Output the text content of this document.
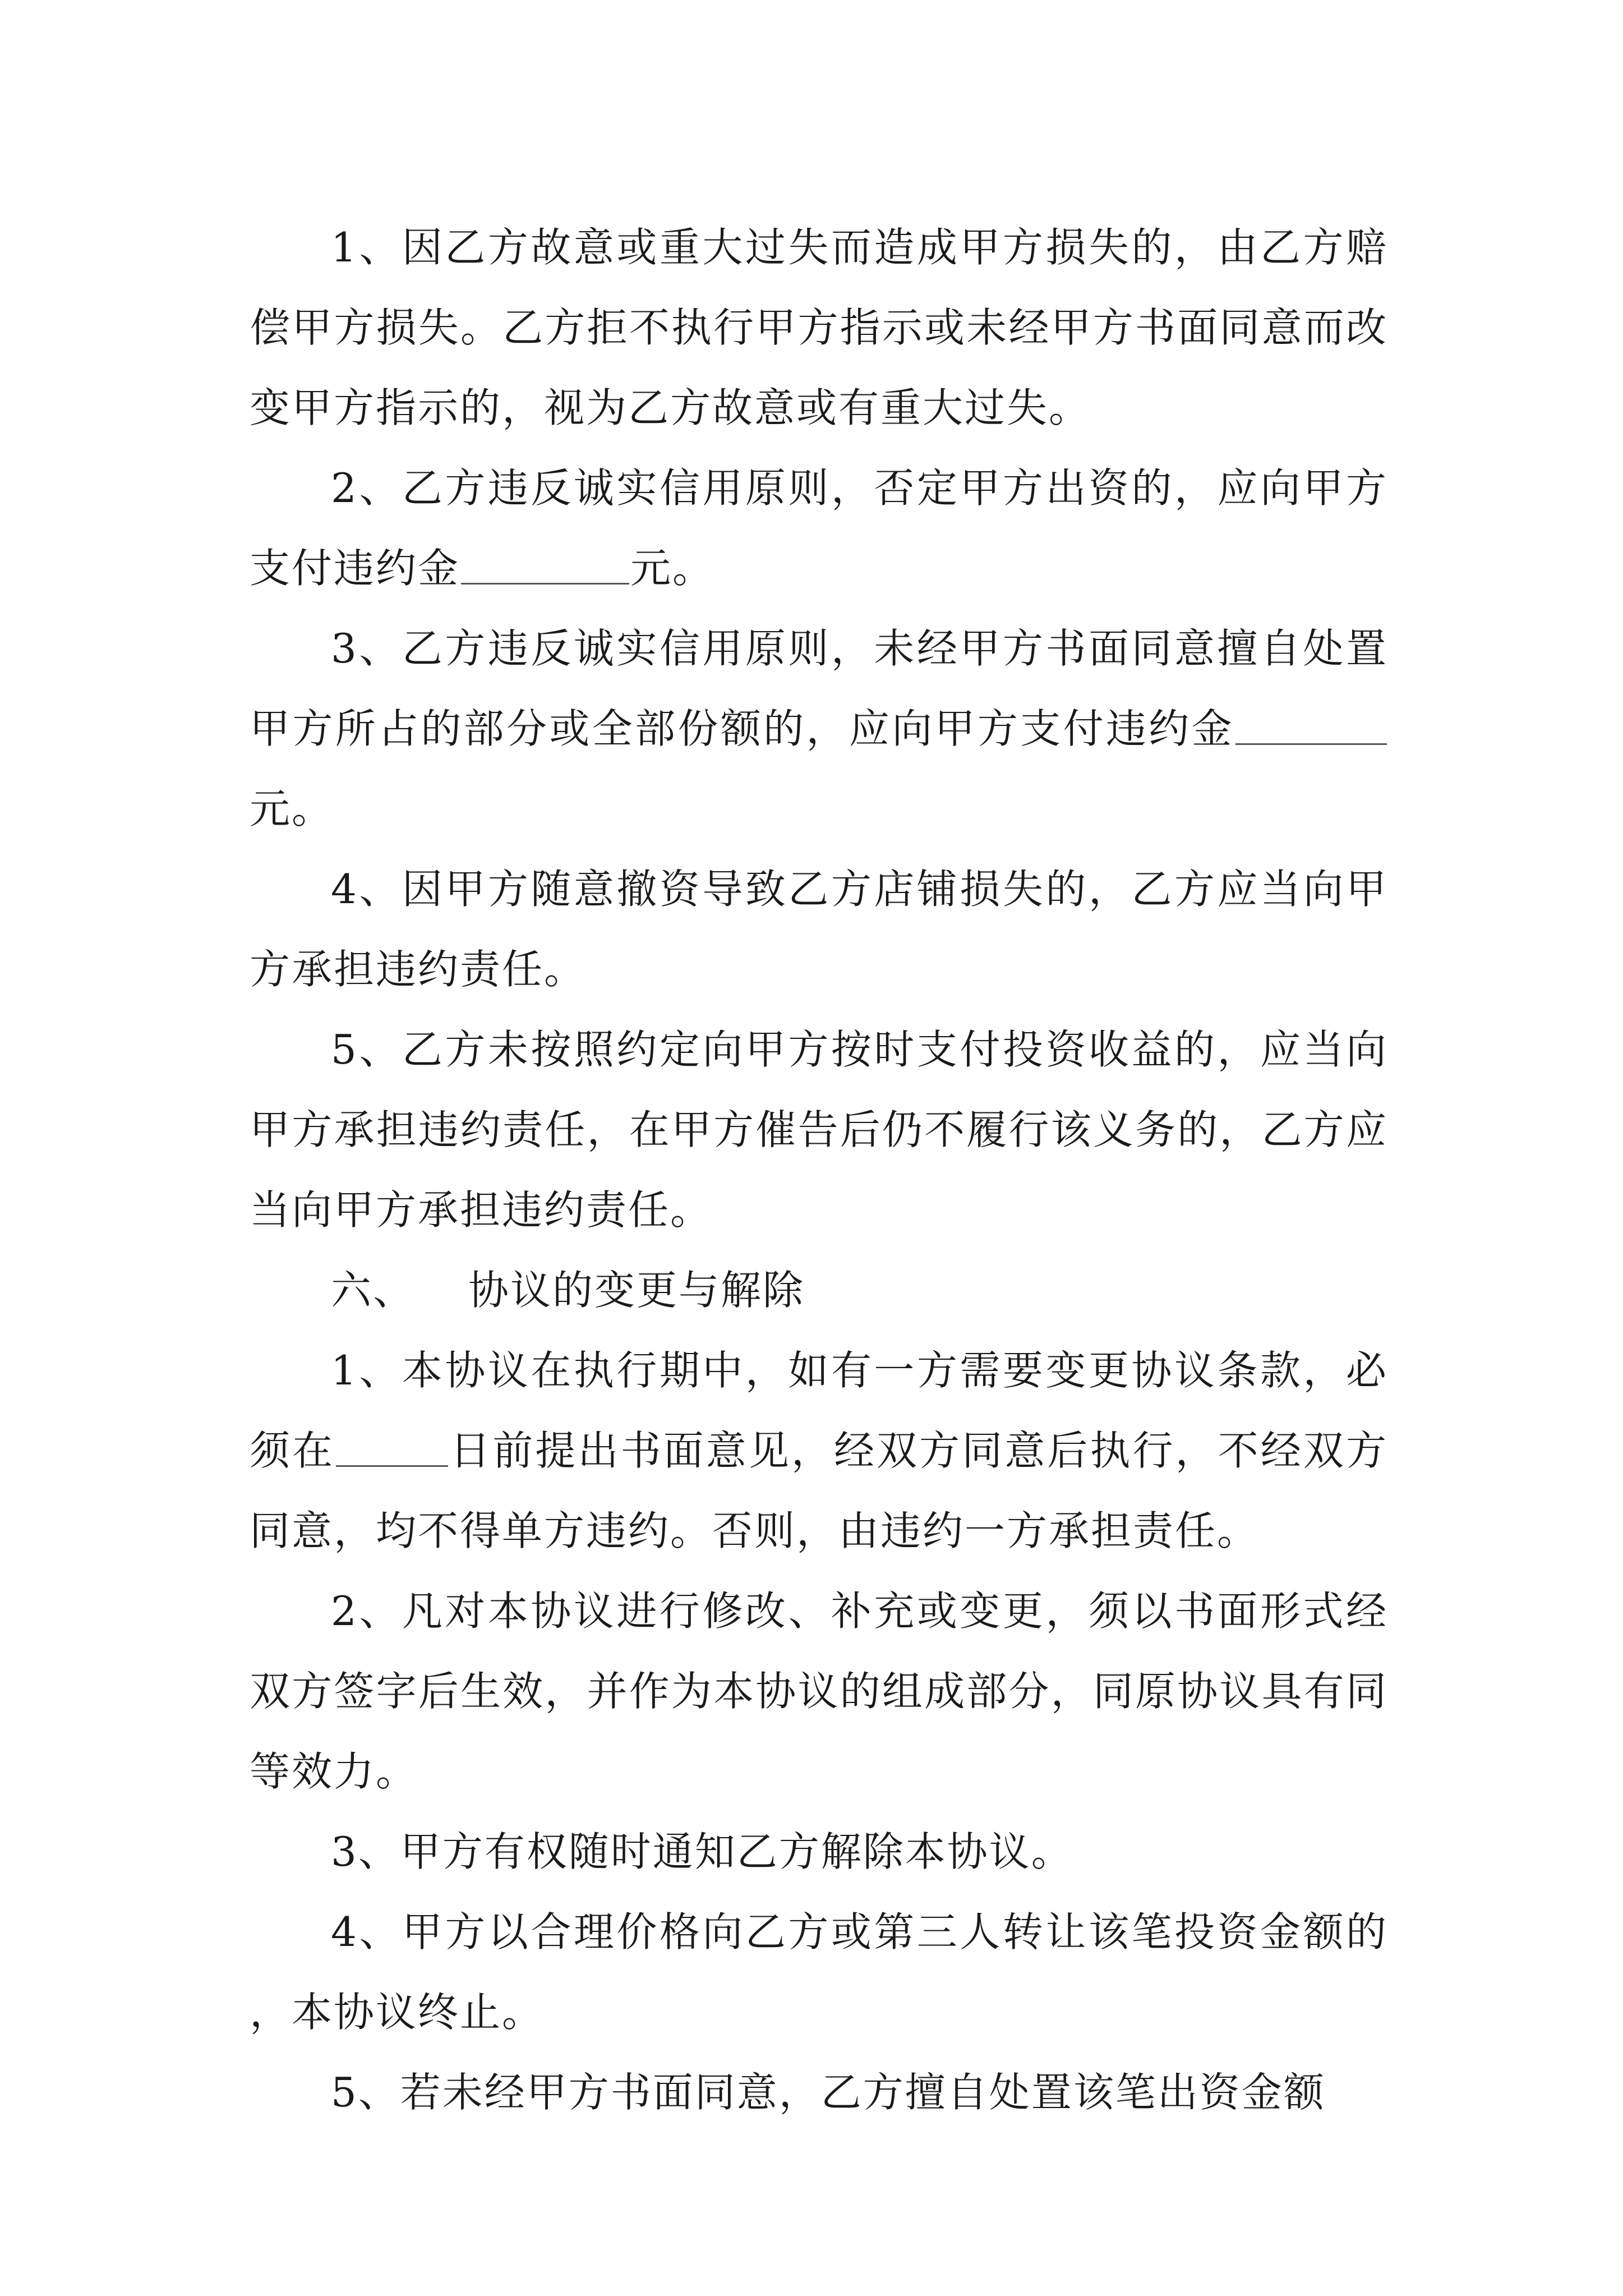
1、因乙方故意或重大过失而造成甲方损失的，由乙方赔偿甲方损失。乙方拒不执行甲方指示或未经甲方书面同意而改变甲方指示的，视为乙方故意或有重大过失。

2、乙方违反诚实信用原则，否定甲方出资的，应向甲方支付违约金	元。

3、乙方违反诚实信用原则，未经甲方书面同意擅自处置甲方所占的部分或全部份额的，应向甲方支付违约金元。

4、因甲方随意撤资导致乙方店铺损失的，乙方应当向甲方承担违约责任。

5、乙方未按照约定向甲方按时支付投资收益的，应当向甲方承担违约责任，在甲方催告后仍不履行该义务的，乙方应当向甲方承担违约责任。

六、 协议的变更与解除

1、本协议在执行期中，如有一方需要变更协议条款，必须在	日前提出书面意见，经双方同意后执行，不经双方同意，均不得单方违约。否则，由违约一方承担责任。

2、凡对本协议进行修改、补充或变更，须以书面形式经双方签字后生效，并作为本协议的组成部分，同原协议具有同等效力。

3、甲方有权随时通知乙方解除本协议。

4、甲方以合理价格向乙方或第三人转让该笔投资金额的，本协议终止。

5、若未经甲方书面同意，乙方擅自处置该笔出资金额
